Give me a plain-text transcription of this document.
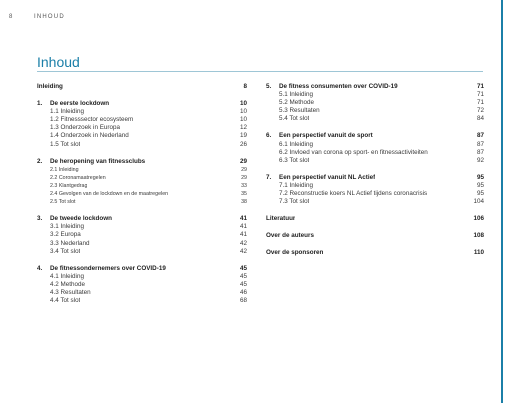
8	INHOUD
Inhoud
Inleiding	8
1. De eerste lockdown	10
1.1 Inleiding	10
1.2 Fitnesssector ecosysteem	10
1.3 Onderzoek in Europa	12
1.4 Onderzoek in Nederland	19
1.5 Tot slot	26
2. De heropening van fitnessclubs	29
2.1 Inleiding	29
2.2 Coronamaatregelen	29
2.3 Klantgedrag	33
2.4 Gevolgen van de lockdown en de maatregelen	35
2.5 Tot slot	38
3. De tweede lockdown	41
3.1 Inleiding	41
3.2 Europa	41
3.3 Nederland	42
3.4 Tot slot	42
4. De fitnessondernemers over COVID-19	45
4.1 Inleiding	45
4.2 Methode	45
4.3 Resultaten	46
4.4 Tot slot	68
5. De fitness consumenten over COVID-19	71
5.1 Inleiding	71
5.2 Methode	71
5.3 Resultaten	72
5.4 Tot slot	84
6. Een perspectief vanuit de sport	87
6.1 Inleiding	87
6.2 Invloed van corona op sport- en fitnessactiviteiten	87
6.3 Tot slot	92
7. Een perspectief vanuit NL Actief	95
7.1 Inleiding	95
7.2 Reconstructie koers NL Actief tijdens coronacrisis	95
7.3 Tot slot	104
Literatuur	106
Over de auteurs	108
Over de sponsoren	110
